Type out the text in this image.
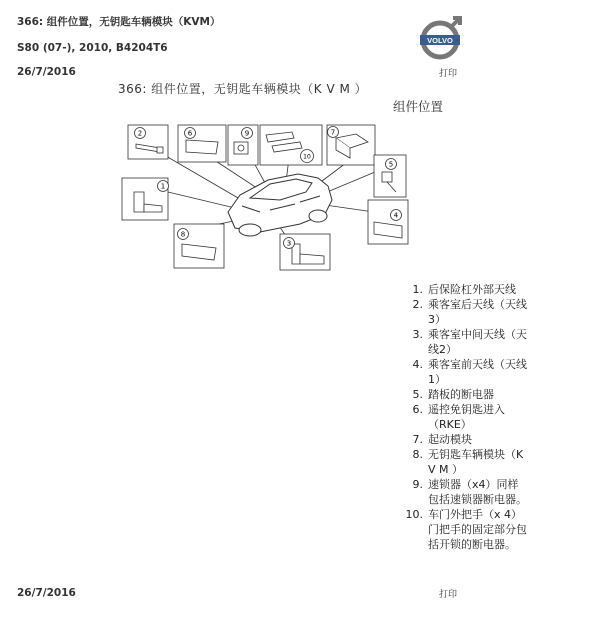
366: 组件位置，无钥匙车辆模块（KVM）
S80 (07-), 2010, B4204T6
26/7/2016
VOLVO
打印
366: 组件位置，无钥匙车辆模块（K V M ）
组件位置
2	6	9
10
7
5
1
4
8
3
1. 后保险杠外部天线
2. 乘客室后天线（天线3）
3. 乘客室中间天线（天线2）
4. 乘客室前天线（天线1）
5. 踏板的断电器
6. 遥控免钥匙进入（RKE）
7. 起动模块
8. 无钥匙车辆模块（K V M ）
9. 速锁器（x4）同样包括速锁器断电器。
10. 车门外把手（x 4）门把手的固定部分包括开锁的断电器。
26/7/2016	打印
